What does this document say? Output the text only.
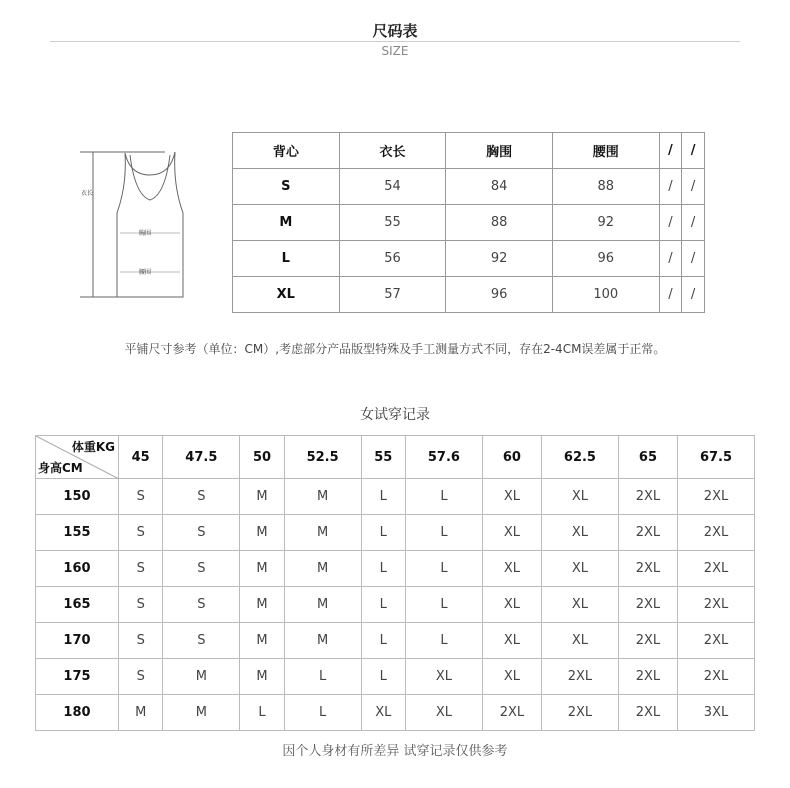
尺码表
SIZE
衣长
胸围
腰围
背心	衣长	胸围	腰围	/	/
S	54	84	88	/	/
M	55	88	92	/	/
L	56	92	96	/	/
XL	57	96	100	/	/
平铺尺寸参考（单位：CM）,考虑部分产品版型特殊及手工测量方式不同，存在2-4CM误差属于正常。
女试穿记录
体重KG
身高CM	45	47.5	50	52.5	55	57.6	60	62.5	65	67.5
150	S	S	M	M	L	L	XL	XL	2XL	2XL
155	S	S	M	M	L	L	XL	XL	2XL	2XL
160	S	S	M	M	L	L	XL	XL	2XL	2XL
165	S	S	M	M	L	L	XL	XL	2XL	2XL
170	S	S	M	M	L	L	XL	XL	2XL	2XL
175	S	M	M	L	L	XL	XL	2XL	2XL	2XL
180	M	M	L	L	XL	XL	2XL	2XL	2XL	3XL
因个人身材有所差异 试穿记录仅供参考
